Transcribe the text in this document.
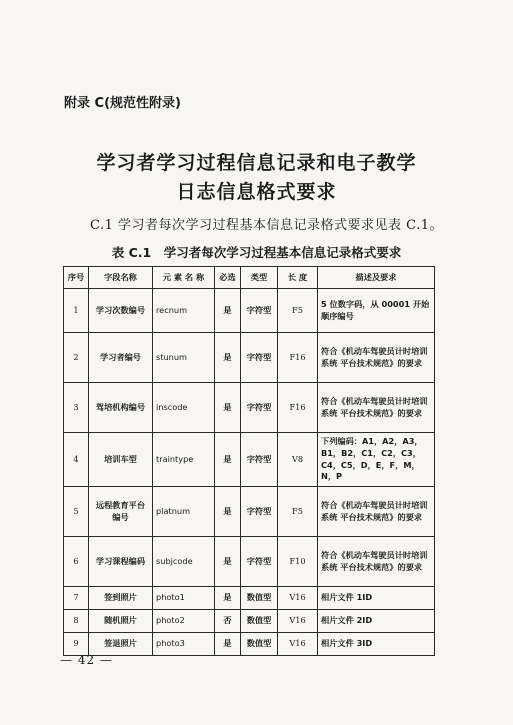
附录 C(规范性附录)
学习者学习过程信息记录和电子教学
日志信息格式要求
C.1 学习者每次学习过程基本信息记录格式要求见表 C.1。
表 C.1　学习者每次学习过程基本信息记录格式要求
序号	字段名称	元 素 名 称	必选	类型	长 度	描述及要求
1	学习次数编号	recnum	是	字符型	F5	5 位数字码，从 00001 开始顺序编号
2	学习者编号	stunum	是	字符型	F16	符合《机动车驾驶员计时培训系统 平台技术规范》的要求
3	驾培机构编号	inscode	是	字符型	F16	符合《机动车驾驶员计时培训系统 平台技术规范》的要求
4	培训车型	traintype	是	字符型	V8	下列编码：A1，A2，A3，B1，B2，C1，C2，C3，C4，C5，D，E，F，M，N，P
5	远程教育平台编号	platnum	是	字符型	F5	符合《机动车驾驶员计时培训系统 平台技术规范》的要求
6	学习课程编码	subjcode	是	字符型	F10	符合《机动车驾驶员计时培训系统 平台技术规范》的要求
7	签到照片	photo1	是	数值型	V16	相片文件 1ID
8	随机照片	photo2	否	数值型	V16	相片文件 2ID
9	签退照片	photo3	是	数值型	V16	相片文件 3ID
— 42 —
